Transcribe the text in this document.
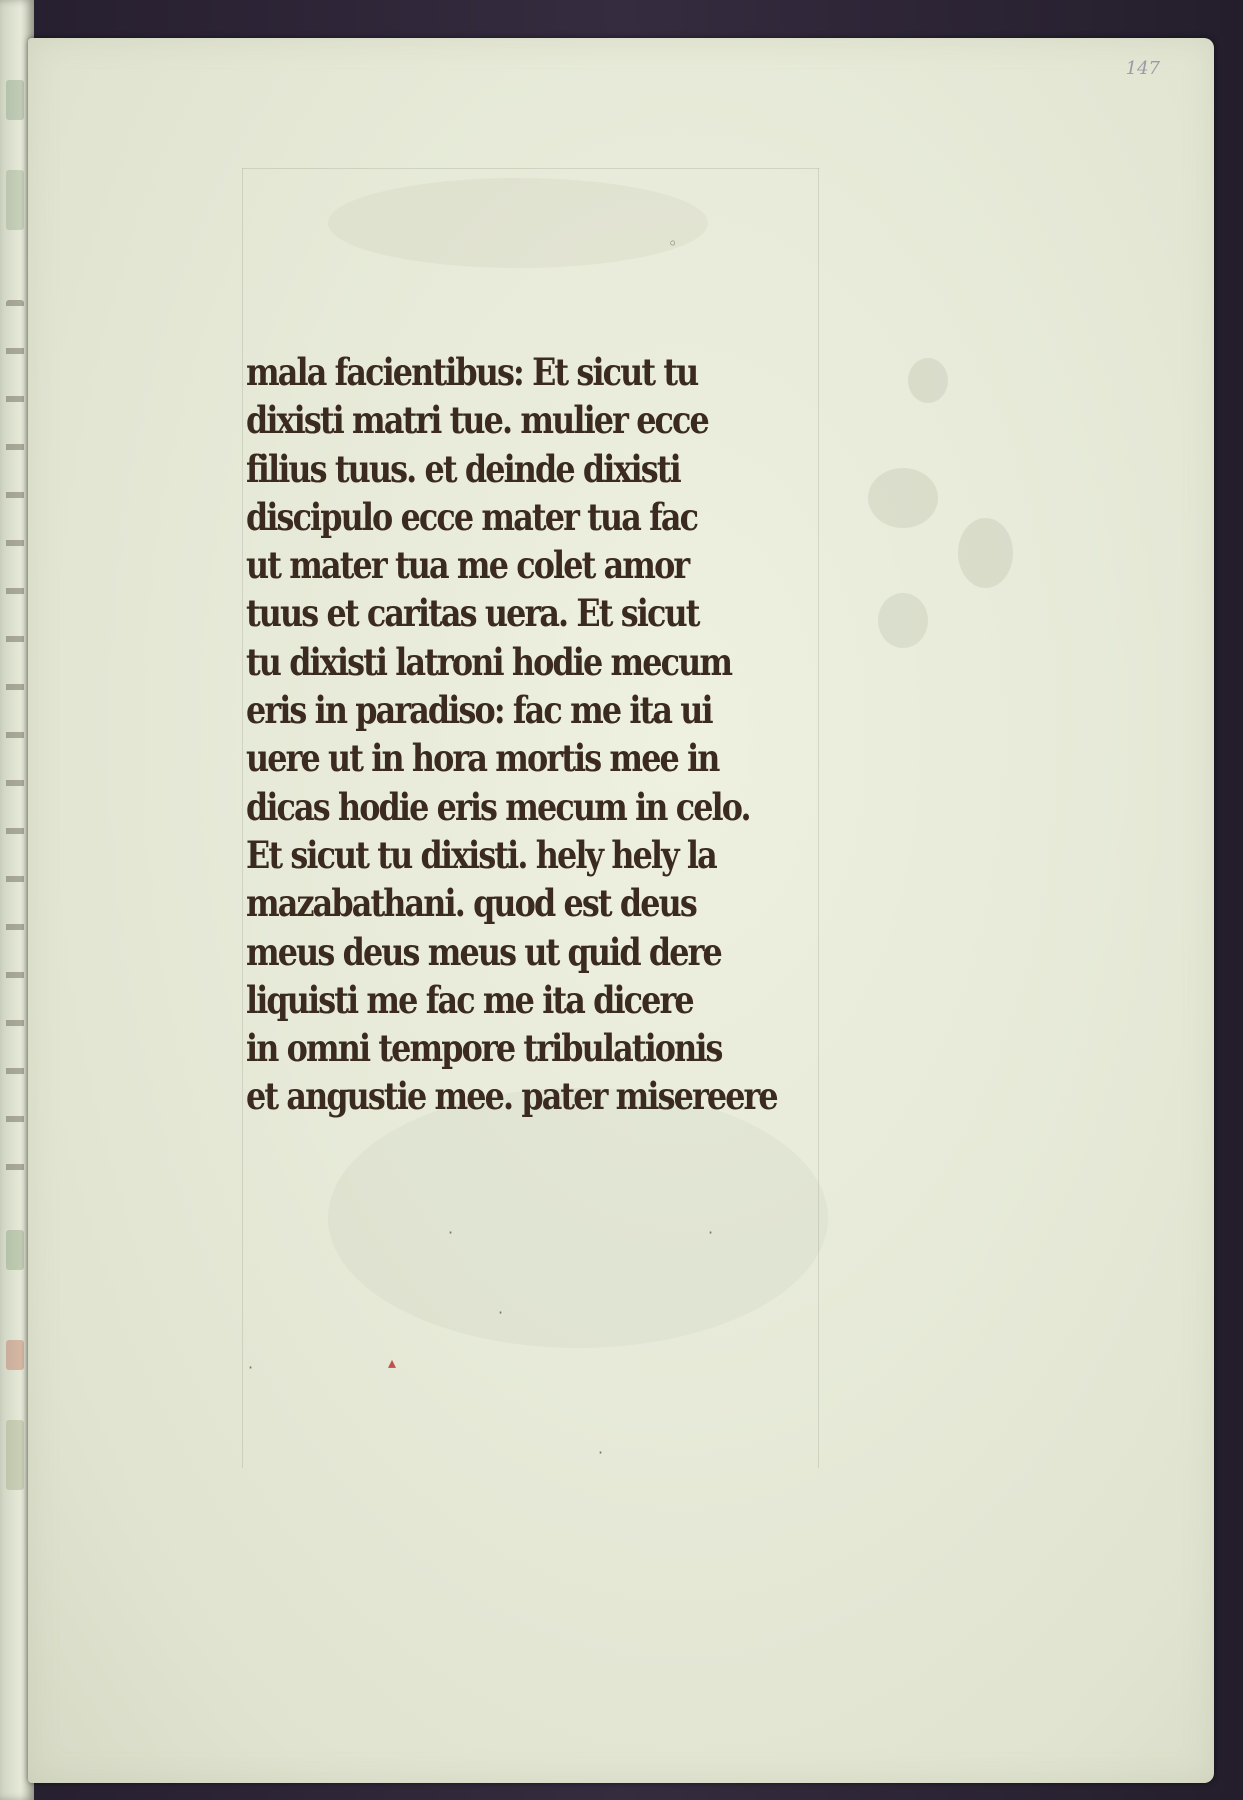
◦
·	·
·
▴
·
·

147

mala facientibus: Et sicut tu
dixisti matri tue. mulier ecce
filius tuus. et deinde dixisti
discipulo ecce mater tua fac
ut mater tua me colet amor
tuus et caritas uera. Et sicut
tu dixisti latroni hodie mecum
eris in paradiso: fac me ita ui
uere ut in hora mortis mee in
dicas hodie eris mecum in celo.
Et sicut tu dixisti. hely hely la
mazabathani. quod est deus
meus deus meus ut quid dere
liquisti me fac me ita dicere
in omni tempore tribulationis
et angustie mee. pater misereere
